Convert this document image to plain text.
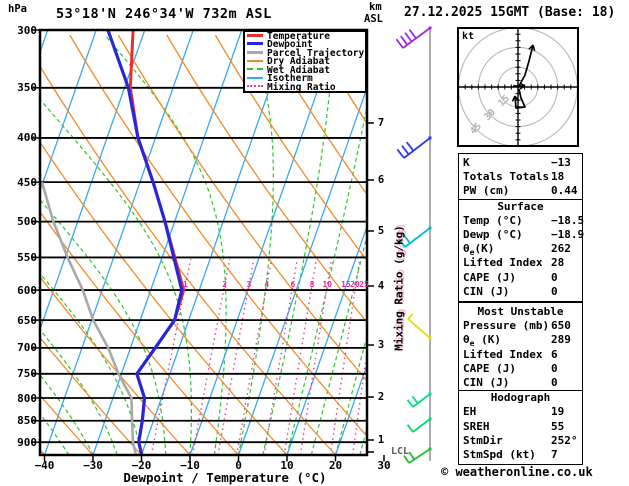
53°18'N 246°34'W 732m ASL
hPa	km
ASL 27.12.2025 15GMT (Base: 18)
Dewpoint / Temperature (°C)
Mixing Ratio (g/kg)
LCL
kt
Temperature
Dewpoint
Parcel Trajectory
Dry Adiabat
Wet Adiabat
Isotherm
Mixing Ratio
300
350
400
450
500
550
600
650
700
750
800
850
900
−40	−30	−20	−10	0	10	20	30
7
6
5
4
3
2
1
1	2	3	4	6	8	10	15 20 25
15
30
45
K	−13
Totals Totals 18
PW (cm)	0.44
Surface
Temp (°C)	−18.5
Dewp (°C)	−18.9
$\theta_e(K)$	262
Lifted Index 28
CAPE (J)	0
CIN (J)	0
Most Unstable
Pressure (mb) 650
$\theta_e$ (K)	289
Lifted Index 6
CAPE (J)	0
CIN (J)	0
Hodograph
EH	19
SREH	55
StmDir	252°
StmSpd (kt) 7
© weatheronline.co.uk
